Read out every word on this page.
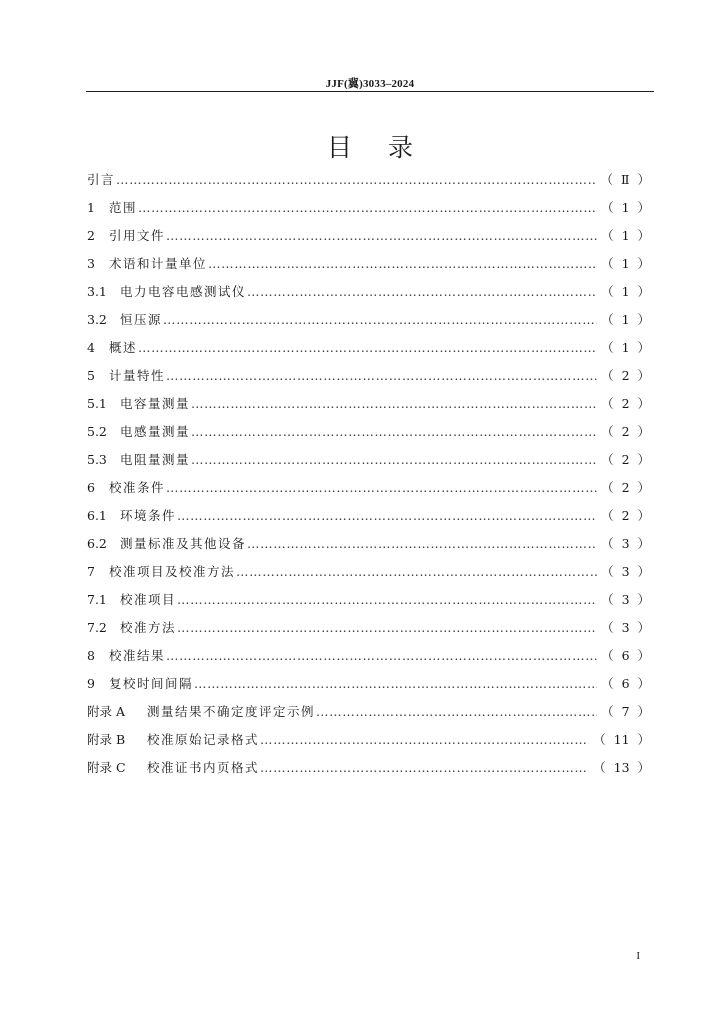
JJF(冀)3033–2024
目录
引言 ……………………………………………………………………………………………………………………………………………………………………………………………………………………	（ Ⅱ ）
1	范围 ……………………………………………………………………………………………………………………………………………………………………………………………………………………	（ 1 ）
2	引用文件 ……………………………………………………………………………………………………………………………………………………………………………………………………………………	（ 1 ）
3	术语和计量单位 ……………………………………………………………………………………………………………………………………………………………………………………………………………………	（ 1 ）
3.1	电力电容电感测试仪 ……………………………………………………………………………………………………………………………………………………………………………………………………………………	（ 1 ）
3.2	恒压源 ……………………………………………………………………………………………………………………………………………………………………………………………………………………	（ 1 ）
4	概述 ……………………………………………………………………………………………………………………………………………………………………………………………………………………	（ 1 ）
5	计量特性 ……………………………………………………………………………………………………………………………………………………………………………………………………………………	（ 2 ）
5.1	电容量测量 ……………………………………………………………………………………………………………………………………………………………………………………………………………………	（ 2 ）
5.2	电感量测量 ……………………………………………………………………………………………………………………………………………………………………………………………………………………	（ 2 ）
5.3	电阻量测量 ……………………………………………………………………………………………………………………………………………………………………………………………………………………	（ 2 ）
6	校准条件 ……………………………………………………………………………………………………………………………………………………………………………………………………………………	（ 2 ）
6.1	环境条件 ……………………………………………………………………………………………………………………………………………………………………………………………………………………	（ 2 ）
6.2	测量标准及其他设备 ……………………………………………………………………………………………………………………………………………………………………………………………………………………	（ 3 ）
7	校准项目及校准方法 ……………………………………………………………………………………………………………………………………………………………………………………………………………………	（ 3 ）
7.1	校准项目 ……………………………………………………………………………………………………………………………………………………………………………………………………………………	（ 3 ）
7.2	校准方法 ……………………………………………………………………………………………………………………………………………………………………………………………………………………	（ 3 ）
8	校准结果 ……………………………………………………………………………………………………………………………………………………………………………………………………………………	（ 6 ）
9	复校时间间隔 ……………………………………………………………………………………………………………………………………………………………………………………………………………………	（ 6 ）
附录 A	测量结果不确定度评定示例 ……………………………………………………………………………………………………………………………………………………………………………………………………………………	（ 7 ）
附录 B	校准原始记录格式 ……………………………………………………………………………………………………………………………………………………………………………………………………………………	（ 11 ）
附录 C	校准证书内页格式 ……………………………………………………………………………………………………………………………………………………………………………………………………………………	（ 13 ）
I
